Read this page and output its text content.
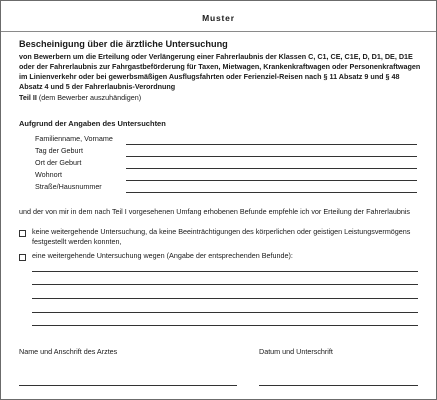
Muster
Bescheinigung über die ärztliche Untersuchung

von Bewerbern um die Erteilung oder Verlängerung einer Fahrerlaubnis der Klassen C, C1, CE, C1E, D, D1, DE, D1E oder der Fahrerlaubnis zur Fahrgastbeförderung für Taxen, Mietwagen, Krankenkraftwagen oder Personenkraftwagen im Linienverkehr oder bei gewerbsmäßigen Ausflugsfahrten oder Ferienziel-Reisen nach § 11 Absatz 9 und § 48 Absatz 4 und 5 der Fahrerlaubnis-Verordnung

Teil II (dem Bewerber auszuhändigen)
Aufgrund der Angaben des Untersuchten
Familienname, Vorname
Tag der Geburt
Ort der Geburt
Wohnort
Straße/Hausnummer

und der von mir in dem nach Teil I vorgesehenen Umfang erhobenen Befunde empfehle ich vor Erteilung der Fahrerlaubnis

keine weitergehende Untersuchung, da keine Beeinträchtigungen des körperlichen oder geistigen Leistungsvermögens festgestellt werden konnten,

eine weitergehende Untersuchung wegen (Angabe der entsprechenden Befunde):

Name und Anschrift des Arztes	Datum und Unterschrift
